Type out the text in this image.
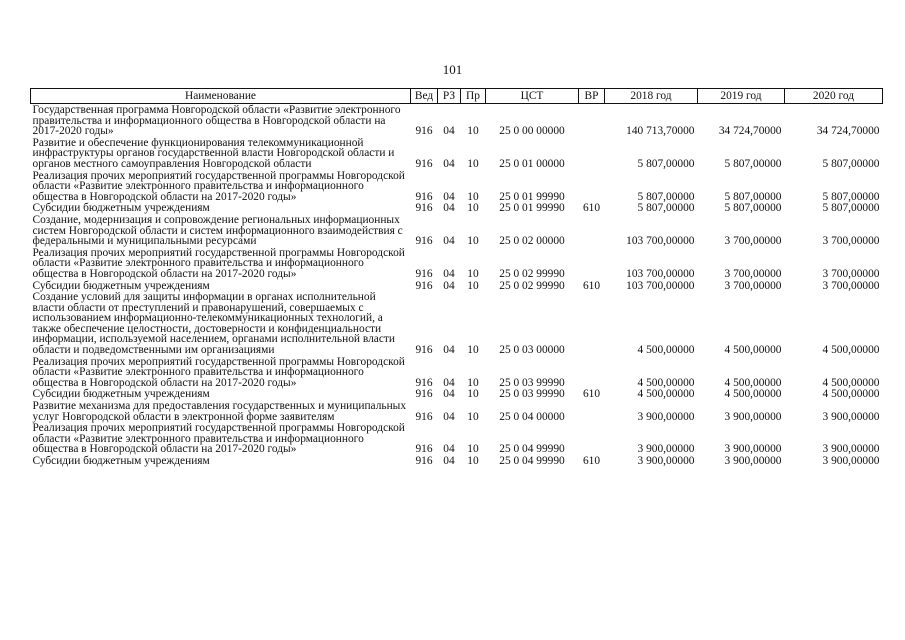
101
Наименование	Вед	РЗ	Пр	ЦСТ	ВР	2018 год	2019 год	2020 год
Государственная программа Новгородской области «Развитие электронного правительства и информационного общества в Новгородской области на 2017-2020 годы»	916	04	10	25 0 00 00000		140 713,70000	34 724,70000	34 724,70000
Развитие и обеспечение функционирования телекоммуникационной инфраструктуры органов государственной власти Новгородской области и органов местного самоуправления Новгородской области	916	04	10	25 0 01 00000		5 807,00000	5 807,00000	5 807,00000
Реализация прочих мероприятий государственной программы Новгородской области «Развитие электронного правительства и информационного общества в Новгородской области на 2017-2020 годы»	916	04	10	25 0 01 99990		5 807,00000	5 807,00000	5 807,00000
Субсидии бюджетным учреждениям	916	04	10	25 0 01 99990	610	5 807,00000	5 807,00000	5 807,00000
Создание, модернизация и сопровождение региональных информационных систем Новгородской области и систем информационного взаимодействия с федеральными и муниципальными ресурсами	916	04	10	25 0 02 00000		103 700,00000	3 700,00000	3 700,00000
Реализация прочих мероприятий государственной программы Новгородской области «Развитие электронного правительства и информационного общества в Новгородской области на 2017-2020 годы»	916	04	10	25 0 02 99990		103 700,00000	3 700,00000	3 700,00000
Субсидии бюджетным учреждениям	916	04	10	25 0 02 99990	610	103 700,00000	3 700,00000	3 700,00000
Создание условий для защиты информации в органах исполнительной власти области от преступлений и правонарушений, совершаемых с использованием информационно-телекоммуникационных технологий, а также обеспечение целостности, достоверности и конфиденциальности информации, используемой населением, органами исполнительной власти области и подведомственными им организациями	916	04	10	25 0 03 00000		4 500,00000	4 500,00000	4 500,00000
Реализация прочих мероприятий государственной программы Новгородской области «Развитие электронного правительства и информационного общества в Новгородской области на 2017-2020 годы»	916	04	10	25 0 03 99990		4 500,00000	4 500,00000	4 500,00000
Субсидии бюджетным учреждениям	916	04	10	25 0 03 99990	610	4 500,00000	4 500,00000	4 500,00000
Развитие механизма для предоставления государственных и муниципальных услуг Новгородской области в электронной форме заявителям	916	04	10	25 0 04 00000		3 900,00000	3 900,00000	3 900,00000
Реализация прочих мероприятий государственной программы Новгородской области «Развитие электронного правительства и информационного общества в Новгородской области на 2017-2020 годы»	916	04	10	25 0 04 99990		3 900,00000	3 900,00000	3 900,00000
Субсидии бюджетным учреждениям	916	04	10	25 0 04 99990	610	3 900,00000	3 900,00000	3 900,00000
